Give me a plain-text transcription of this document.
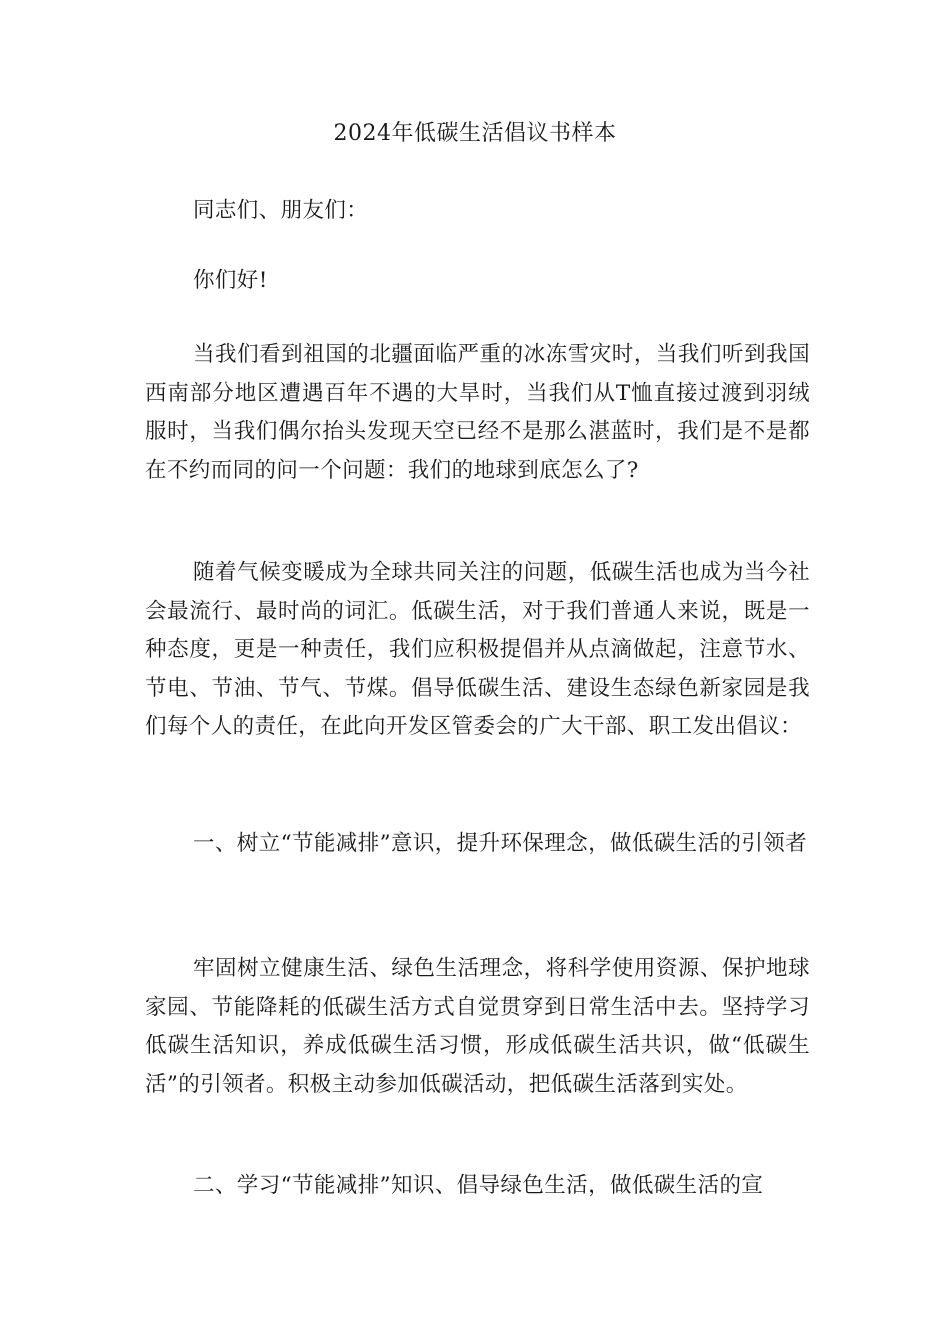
2024年低碳生活倡议书样本

同志们、朋友们：

你们好!

当我们看到祖国的北疆面临严重的冰冻雪灾时，当我们听到我国西南部分地区遭遇百年不遇的大旱时，当我们从T恤直接过渡到羽绒服时，当我们偶尔抬头发现天空已经不是那么湛蓝时，我们是不是都在不约而同的问一个问题：我们的地球到底怎么了?

随着气候变暖成为全球共同关注的问题，低碳生活也成为当今社会最流行、最时尚的词汇。低碳生活，对于我们普通人来说，既是一种态度，更是一种责任，我们应积极提倡并从点滴做起，注意节水、节电、节油、节气、节煤。倡导低碳生活、建设生态绿色新家园是我们每个人的责任，在此向开发区管委会的广大干部、职工发出倡议：

一、树立“节能减排”意识，提升环保理念，做低碳生活的引领者

牢固树立健康生活、绿色生活理念，将科学使用资源、保护地球家园、节能降耗的低碳生活方式自觉贯穿到日常生活中去。坚持学习低碳生活知识，养成低碳生活习惯，形成低碳生活共识，做“低碳生活”的引领者。积极主动参加低碳活动，把低碳生活落到实处。

二、学习“节能减排”知识、倡导绿色生活，做低碳生活的宣
